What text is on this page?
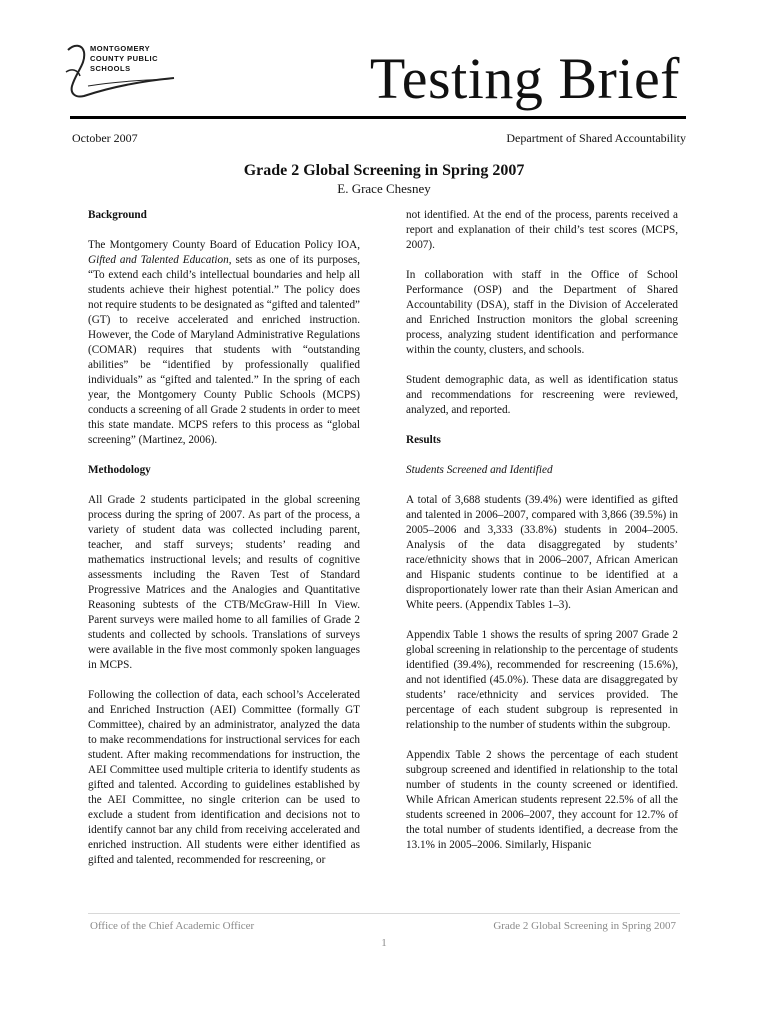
MONTGOMERY
COUNTY PUBLIC
SCHOOLS	Testing Brief
October 2007	Department of Shared Accountability
Grade 2 Global Screening in Spring 2007
E. Grace Chesney
Background

The Montgomery County Board of Education Policy IOA, Gifted and Talented Education, sets as one of its purposes, “To extend each child’s intellectual boundaries and help all students achieve their highest potential.” The policy does not require students to be designated as “gifted and talented” (GT) to receive accelerated and enriched instruction. However, the Code of Maryland Administrative Regulations (COMAR) requires that students with “outstanding abilities” be “identified by professionally qualified individuals” as “gifted and talented.” In the spring of each year, the Montgomery County Public Schools (MCPS) conducts a screening of all Grade 2 students in order to meet this state mandate. MCPS refers to this process as “global screening” (Martinez, 2006).

Methodology

All Grade 2 students participated in the global screening process during the spring of 2007. As part of the process, a variety of student data was collected including parent, teacher, and staff surveys; students’ reading and mathematics instructional levels; and results of cognitive assessments including the Raven Test of Standard Progressive Matrices and the Analogies and Quantitative Reasoning subtests of the CTB/McGraw-Hill In View. Parent surveys were mailed home to all families of Grade 2 students and collected by schools. Translations of surveys were available in the five most commonly spoken languages in MCPS.

Following the collection of data, each school’s Accelerated and Enriched Instruction (AEI) Committee (formally GT Committee), chaired by an administrator, analyzed the data to make recommendations for instructional services for each student. After making recommendations for instruction, the AEI Committee used multiple criteria to identify students as gifted and talented. According to guidelines established by the AEI Committee, no single criterion can be used to exclude a student from identification and decisions not to identify cannot bar any child from receiving accelerated and enriched instruction. All students were either identified as gifted and talented, recommended for rescreening, or

not identified. At the end of the process, parents received a report and explanation of their child’s test scores (MCPS, 2007).

In collaboration with staff in the Office of School Performance (OSP) and the Department of Shared Accountability (DSA), staff in the Division of Accelerated and Enriched Instruction monitors the global screening process, analyzing student identification and performance within the county, clusters, and schools.

Student demographic data, as well as identification status and recommendations for rescreening were reviewed, analyzed, and reported.

Results
Students Screened and Identified

A total of 3,688 students (39.4%) were identified as gifted and talented in 2006–2007, compared with 3,866 (39.5%) in 2005–2006 and 3,333 (33.8%) students in 2004–2005. Analysis of the data disaggregated by students’ race/ethnicity shows that in 2006–2007, African American and Hispanic students continue to be identified at a disproportionately lower rate than their Asian American and White peers. (Appendix Tables 1–3).

Appendix Table 1 shows the results of spring 2007 Grade 2 global screening in relationship to the percentage of students identified (39.4%), recommended for rescreening (15.6%), and not identified (45.0%). These data are disaggregated by students’ race/ethnicity and services provided. The percentage of each student subgroup is represented in relationship to the number of students within the subgroup.

Appendix Table 2 shows the percentage of each student subgroup screened and identified in relationship to the total number of students in the county screened or identified. While African American students represent 22.5% of all the students screened in 2006–2007, they account for 12.7% of the total number of students identified, a decrease from the 13.1% in 2005–2006. Similarly, Hispanic

Office of the Chief Academic Officer	Grade 2 Global Screening in Spring 2007
1
